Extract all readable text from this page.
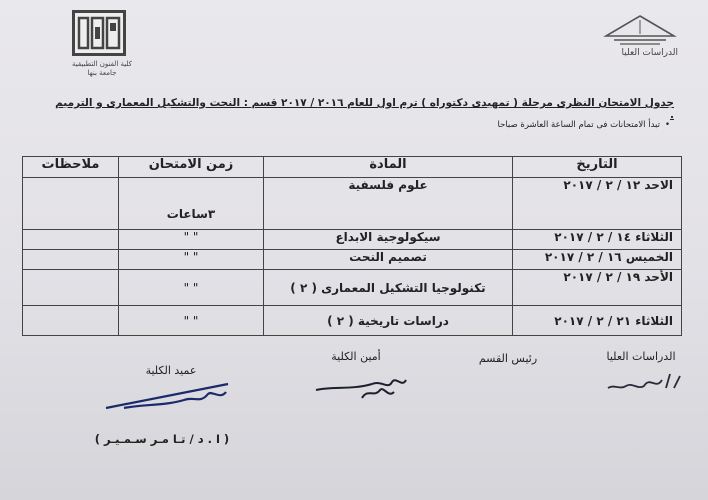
كلية الفنون التطبيقية
جامعة بنها
الدراسات العليا
جدول الامتحان النظرى مرحلة ( تمهيدى دكتوراه ) ترم اول للعام ٢٠١٦ / ٢٠١٧ قسم : النحت والتشكيل المعمارى و الترميم .
•تبدأ الامتحانات فى تمام الساعة العاشرة صباحا
التاريخ	المادة	زمن الامتحان	ملاحظات
الاحد ١٢ / ٢ / ٢٠١٧	علوم فلسفية	٣ساعات	
الثلاثاء ١٤ / ٢ / ٢٠١٧	سيكولوجية الابداع	" "	
الخميس ١٦ / ٢ / ٢٠١٧	تصميم النحت	" "	
الأحد ١٩ / ٢ / ٢٠١٧	تكنولوجيا التشكيل المعمارى ( ٢ )	" "	
الثلاثاء ٢١ / ٢ / ٢٠١٧	دراسات تاريخية ( ٢ )	" "	
الدراسات العليا
رئيس القسم
أمين الكلية
عميد الكلية
( ا . د / تـا مـر سـمـيـر )
